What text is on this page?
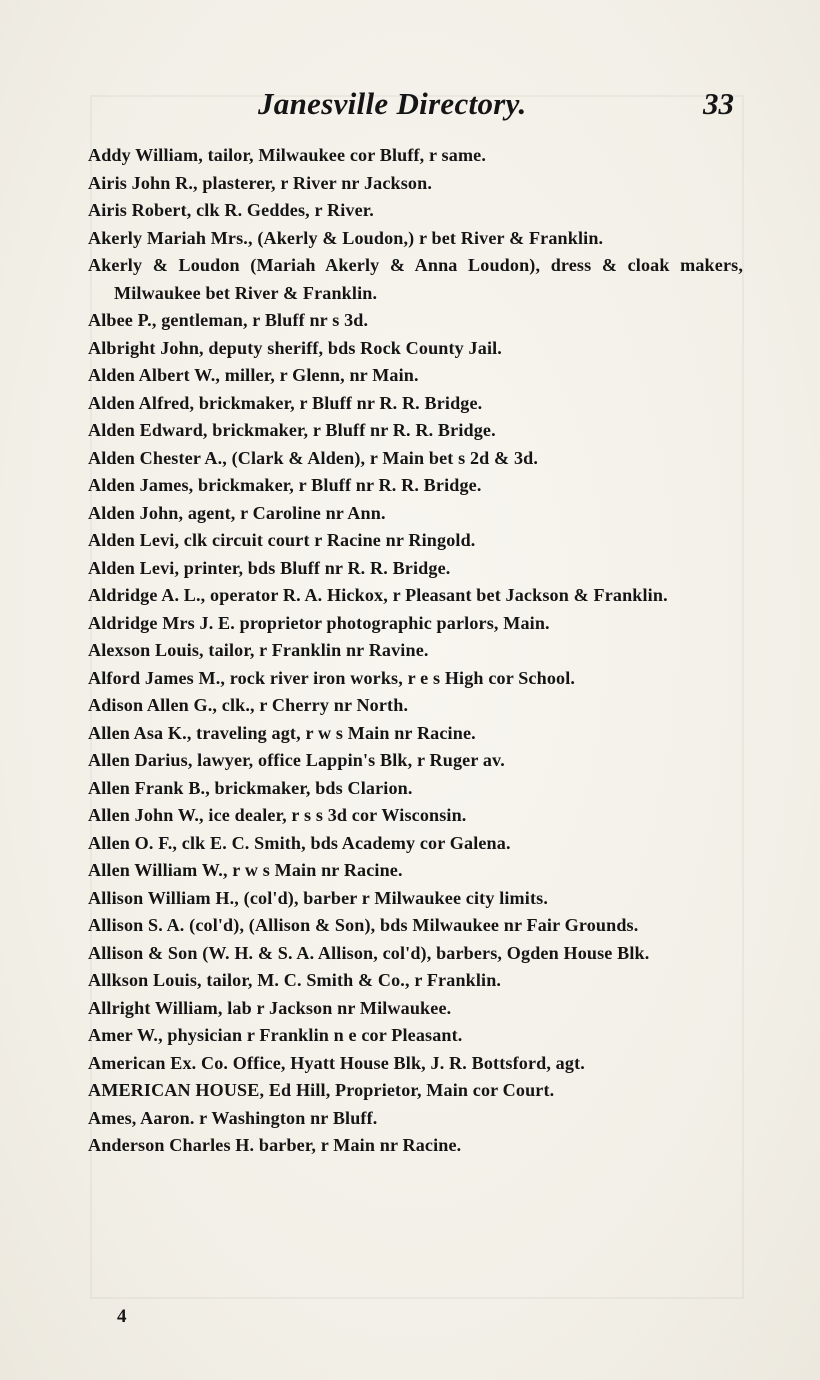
Janesville Directory.	33

Addy William, tailor, Milwaukee cor Bluff, r same.

Airis John R., plasterer, r River nr Jackson.

Airis Robert, clk R. Geddes, r River.

Akerly Mariah Mrs., (Akerly & Loudon,) r bet River & Franklin.

Akerly & Loudon (Mariah Akerly & Anna Loudon), dress & cloak makers, Milwaukee bet River & Franklin.

Albee P., gentleman, r Bluff nr s 3d.

Albright John, deputy sheriff, bds Rock County Jail.

Alden Albert W., miller, r Glenn, nr Main.

Alden Alfred, brickmaker, r Bluff nr R. R. Bridge.

Alden Edward, brickmaker, r Bluff nr R. R. Bridge.

Alden Chester A., (Clark & Alden), r Main bet s 2d & 3d.

Alden James, brickmaker, r Bluff nr R. R. Bridge.

Alden John, agent, r Caroline nr Ann.

Alden Levi, clk circuit court r Racine nr Ringold.

Alden Levi, printer, bds Bluff nr R. R. Bridge.

Aldridge A. L., operator R. A. Hickox, r Pleasant bet Jackson & Franklin.

Aldridge Mrs J. E. proprietor photographic parlors, Main.

Alexson Louis, tailor, r Franklin nr Ravine.

Alford James M., rock river iron works, r e s High cor School.

Adison Allen G., clk., r Cherry nr North.

Allen Asa K., traveling agt, r w s Main nr Racine.

Allen Darius, lawyer, office Lappin's Blk, r Ruger av.

Allen Frank B., brickmaker, bds Clarion.

Allen John W., ice dealer, r s s 3d cor Wisconsin.

Allen O. F., clk E. C. Smith, bds Academy cor Galena.

Allen William W., r w s Main nr Racine.

Allison William H., (col'd), barber r Milwaukee city limits.

Allison S. A. (col'd), (Allison & Son), bds Milwaukee nr Fair Grounds.

Allison & Son (W. H. & S. A. Allison, col'd), barbers, Ogden House Blk.

Allkson Louis, tailor, M. C. Smith & Co., r Franklin.

Allright William, lab r Jackson nr Milwaukee.

Amer W., physician r Franklin n e cor Pleasant.

American Ex. Co. Office, Hyatt House Blk, J. R. Bottsford, agt.

AMERICAN HOUSE, Ed Hill, Proprietor, Main cor Court.

Ames, Aaron. r Washington nr Bluff.

Anderson Charles H. barber, r Main nr Racine.

4
